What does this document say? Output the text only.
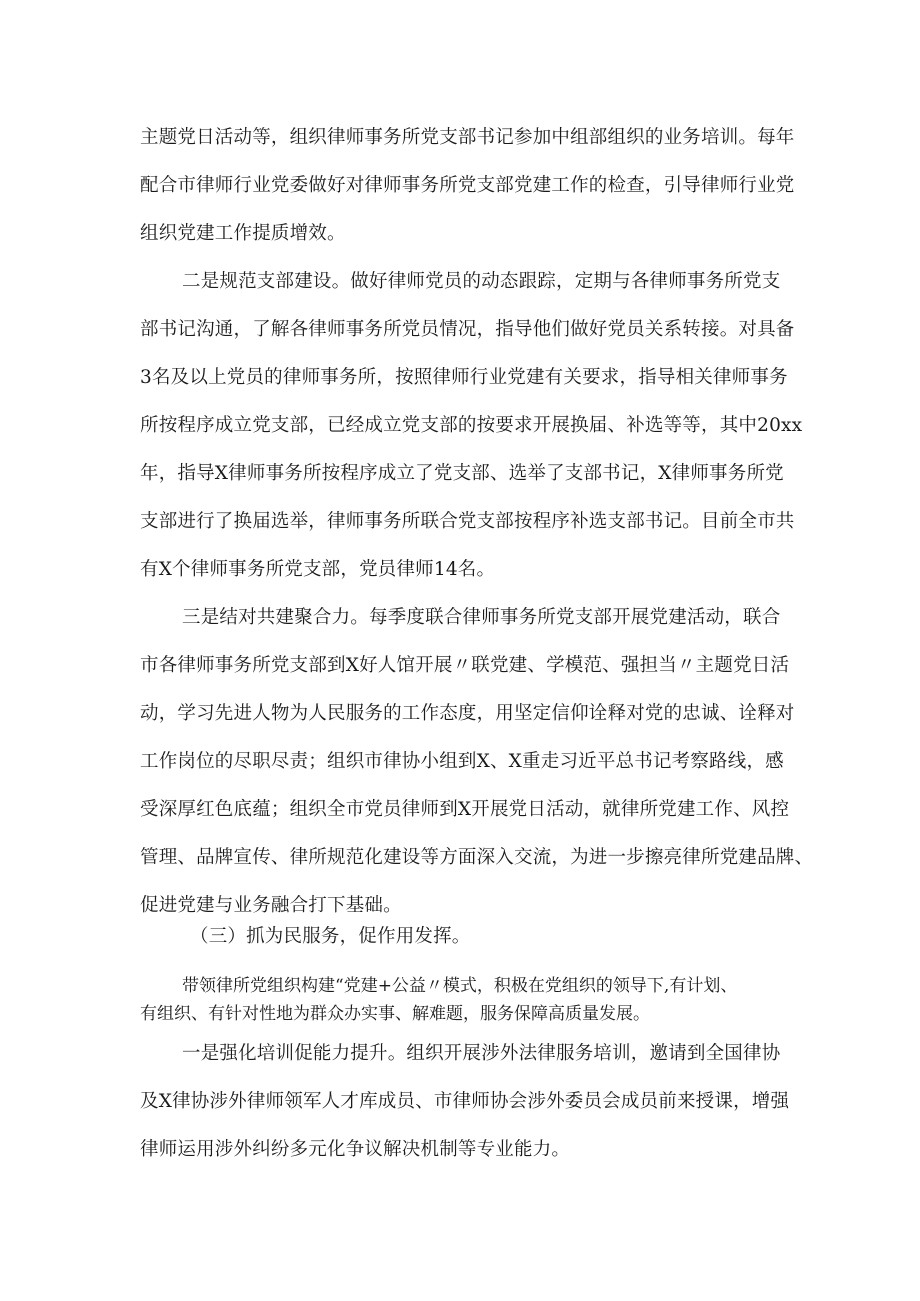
主题党日活动等，组织律师事务所党支部书记参加中组部组织的业务培训。每年
配合市律师行业党委做好对律师事务所党支部党建工作的检查，引导律师行业党
组织党建工作提质增效。
二是规范支部建设。做好律师党员的动态跟踪，定期与各律师事务所党支
部书记沟通，了解各律师事务所党员情况，指导他们做好党员关系转接。对具备
3名及以上党员的律师事务所，按照律师行业党建有关要求，指导相关律师事务
所按程序成立党支部，已经成立党支部的按要求开展换届、补选等等，其中20xx
年，指导X律师事务所按程序成立了党支部、选举了支部书记，X律师事务所党
支部进行了换届选举，律师事务所联合党支部按程序补选支部书记。目前全市共
有X个律师事务所党支部，党员律师14名。
三是结对共建聚合力。每季度联合律师事务所党支部开展党建活动，联合
市各律师事务所党支部到X好人馆开展〃联党建、学模范、强担当〃主题党日活
动，学习先进人物为人民服务的工作态度，用坚定信仰诠释对党的忠诚、诠释对
工作岗位的尽职尽责；组织市律协小组到X、X重走习近平总书记考察路线，感
受深厚红色底蕴；组织全市党员律师到X开展党日活动，就律所党建工作、风控
管理、品牌宣传、律所规范化建设等方面深入交流，为进一步擦亮律所党建品牌、
促进党建与业务融合打下基础。
（三）抓为民服务，促作用发挥。
带领律所党组织构建“党建+公益〃模式，积极在党组织的领导下,有计划、
有组织、有针对性地为群众办实事、解难题，服务保障高质量发展。
一是强化培训促能力提升。组织开展涉外法律服务培训，邀请到全国律协
及X律协涉外律师领军人才库成员、市律师协会涉外委员会成员前来授课，增强
律师运用涉外纠纷多元化争议解决机制等专业能力。
